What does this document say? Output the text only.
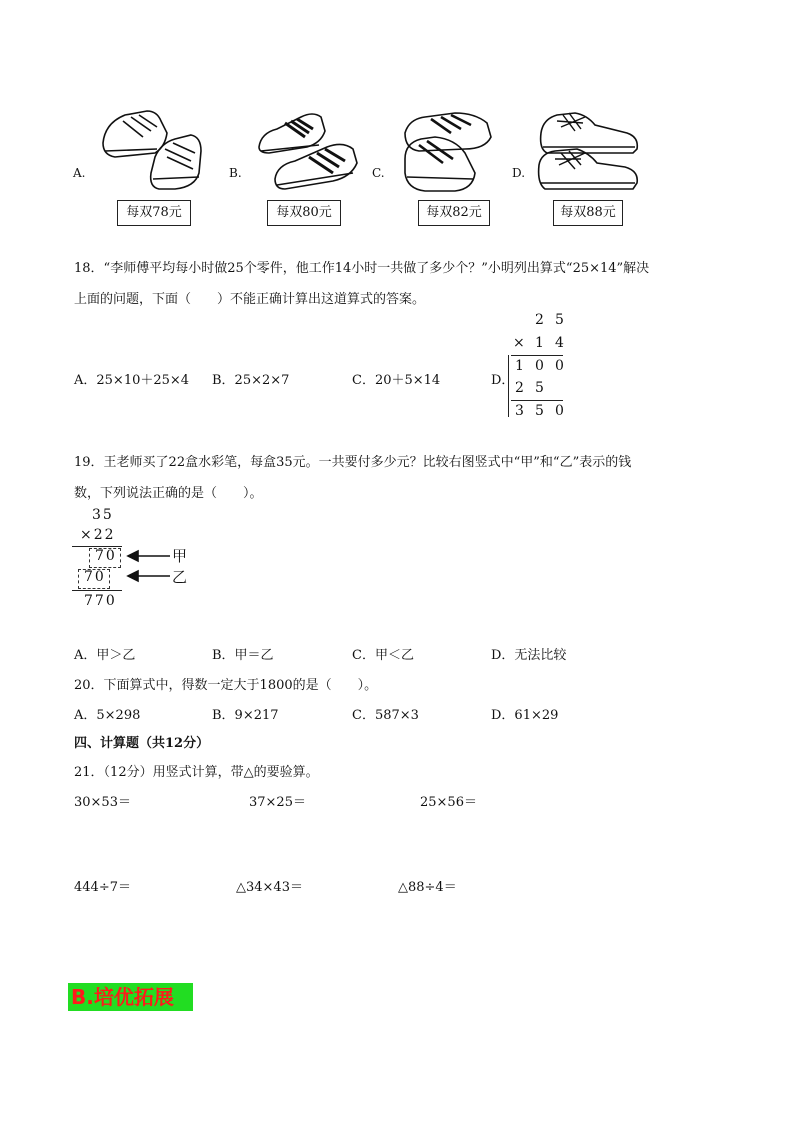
A.
每双78元
B.
每双80元
C.
每双82元
D.
每双88元
18．“李师傅平均每小时做25个零件，他工作14小时一共做了多少个？”小明列出算式“25×14”解决
上面的问题，下面（　　）不能正确计算出这道算式的答案。
A．25×10＋25×4 B．25×2×7	C．20＋5×14	D．
2 5
× 1 4
1 0 0
2 5
3 5 0
19．王老师买了22盒水彩笔，每盒35元。一共要付多少元？比较右图竖式中“甲”和“乙”表示的钱
数，下列说法正确的是（　　）。
35
×22
70
70
770
甲
乙
A．甲＞乙	B．甲＝乙	C．甲＜乙	D．无法比较
20．下面算式中，得数一定大于1800的是（　　）。
A．5×298	B．9×217	C．587×3	D．61×29
四、计算题（共12分）
21．（12分）用竖式计算，带△的要验算。
30×53＝	37×25＝	25×56＝
444÷7＝	△34×43＝	△88÷4＝
B.培优拓展
